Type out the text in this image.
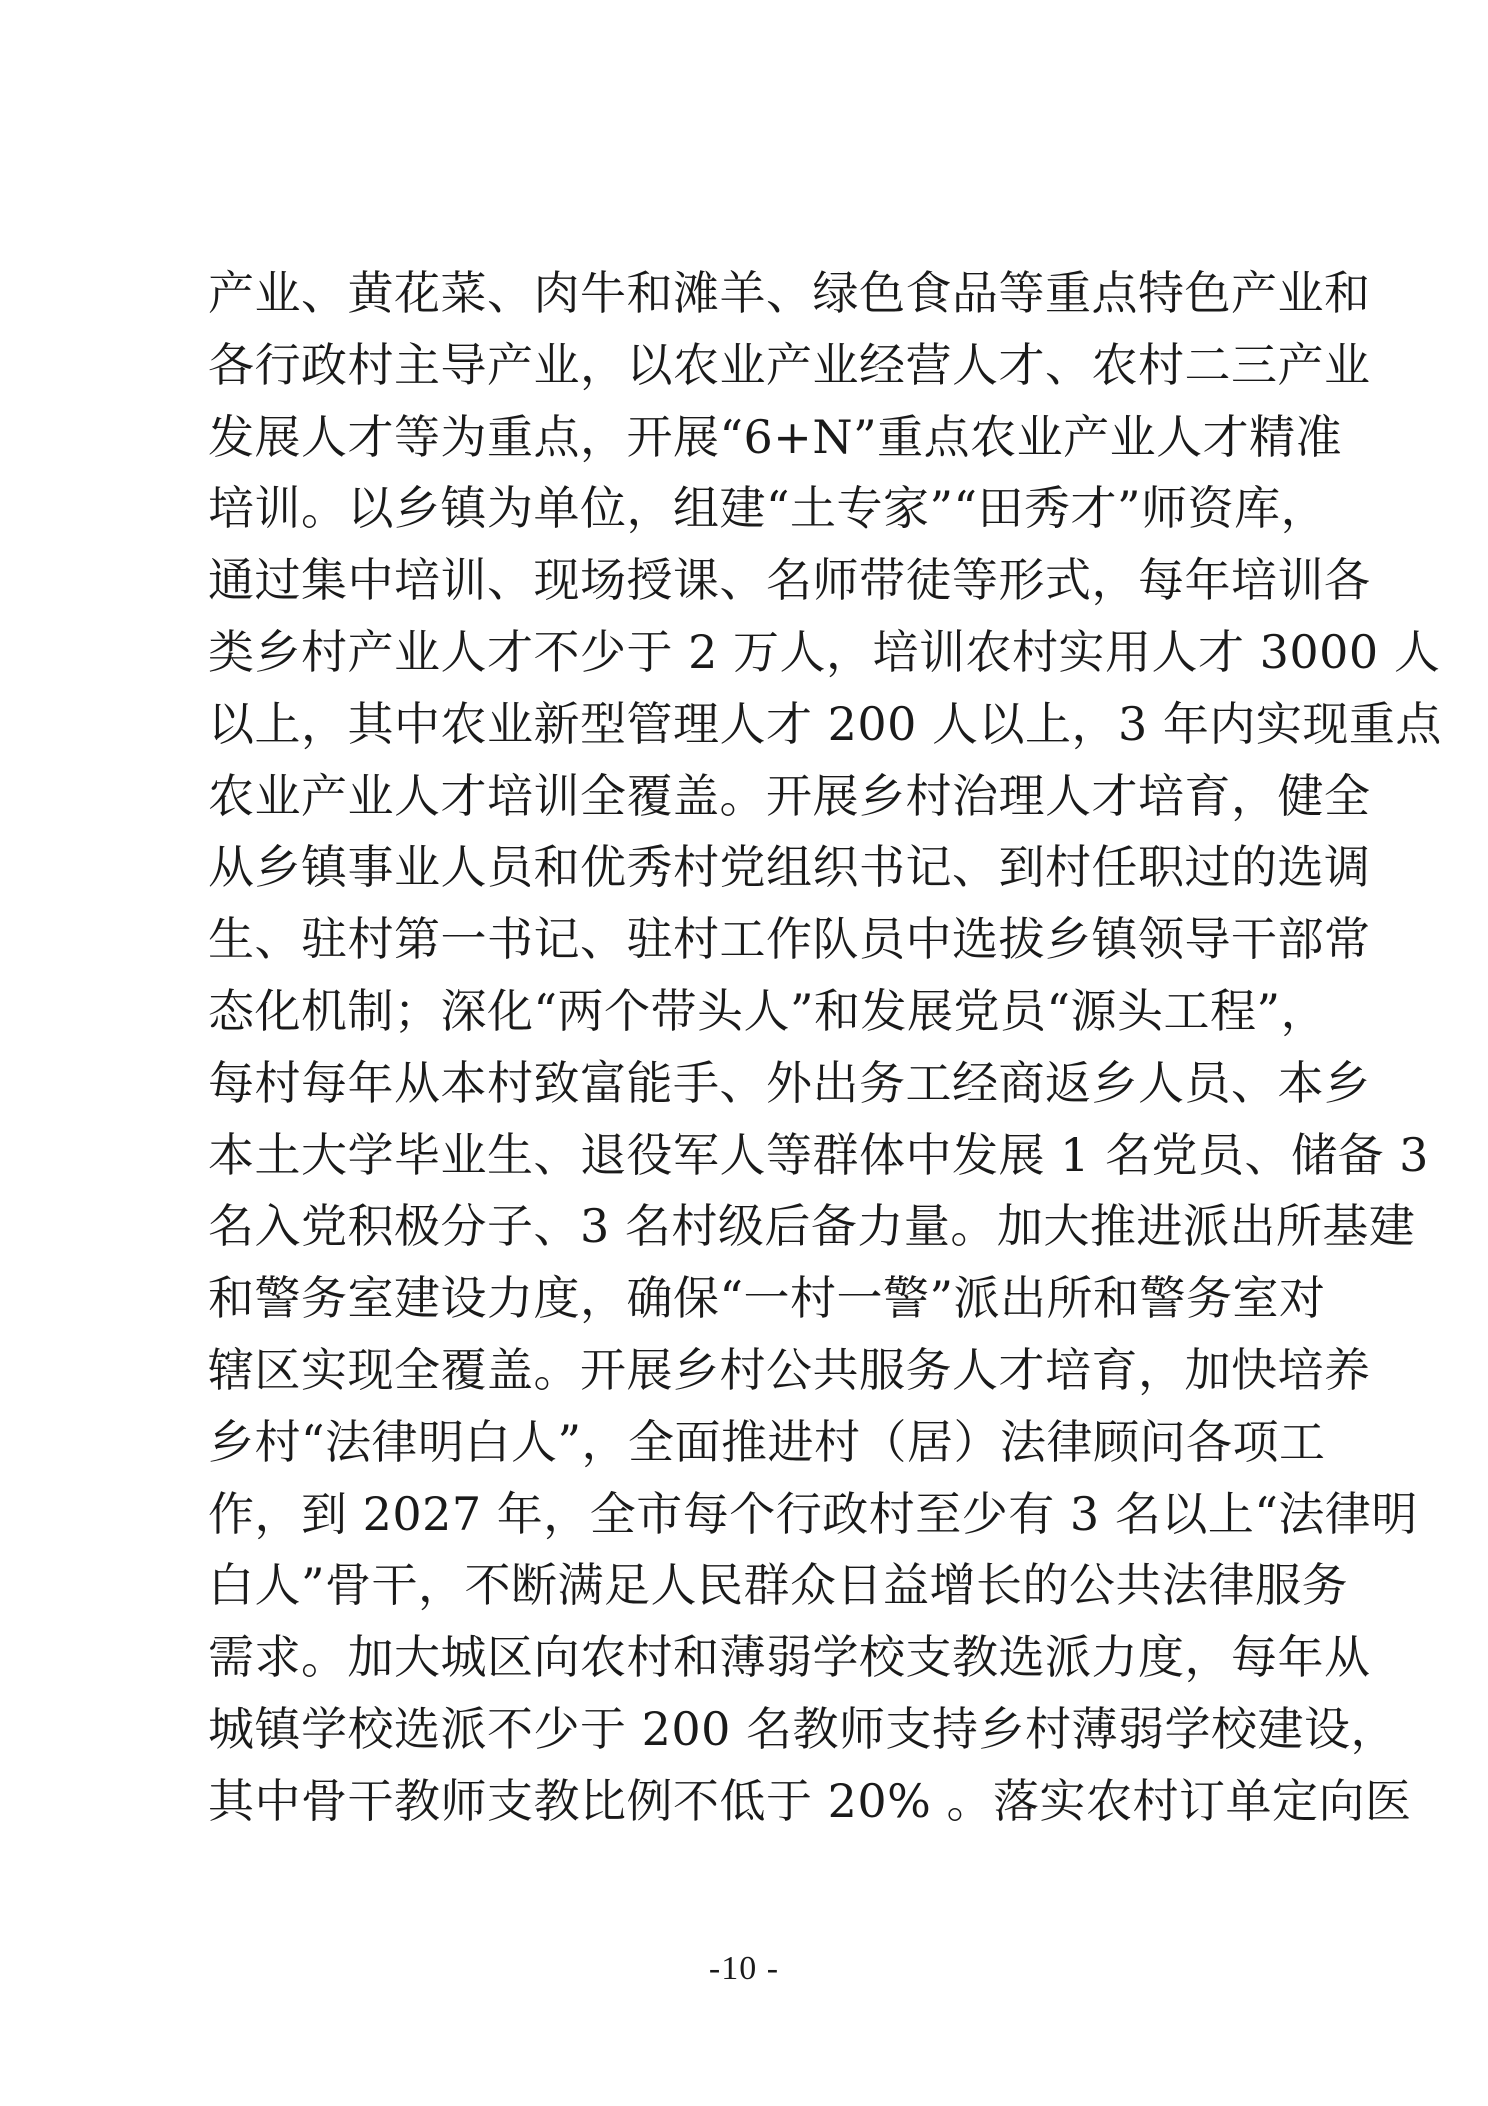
产业、黄花菜、肉牛和滩羊、绿色食品等重点特色产业和
各行政村主导产业，以农业产业经营人才、农村二三产业
发展人才等为重点，开展“6+N”重点农业产业人才精准
培训。以乡镇为单位，组建“土专家”“田秀才”师资库，
通过集中培训、现场授课、名师带徒等形式，每年培训各
类乡村产业人才不少于 2 万人，培训农村实用人才 3000 人
以上，其中农业新型管理人才 200 人以上，3 年内实现重点
农业产业人才培训全覆盖。开展乡村治理人才培育，健全
从乡镇事业人员和优秀村党组织书记、到村任职过的选调
生、驻村第一书记、驻村工作队员中选拔乡镇领导干部常
态化机制；深化“两个带头人”和发展党员“源头工程”，
每村每年从本村致富能手、外出务工经商返乡人员、本乡
本土大学毕业生、退役军人等群体中发展 1 名党员、储备 3
名入党积极分子、3 名村级后备力量。加大推进派出所基建
和警务室建设力度，确保“一村一警”派出所和警务室对
辖区实现全覆盖。开展乡村公共服务人才培育，加快培养
乡村“法律明白人”，全面推进村（居）法律顾问各项工
作，到 2027 年，全市每个行政村至少有 3 名以上“法律明
白人”骨干，不断满足人民群众日益增长的公共法律服务
需求。加大城区向农村和薄弱学校支教选派力度，每年从
城镇学校选派不少于 200 名教师支持乡村薄弱学校建设，
其中骨干教师支教比例不低于 20% 。落实农村订单定向医
-10 -
